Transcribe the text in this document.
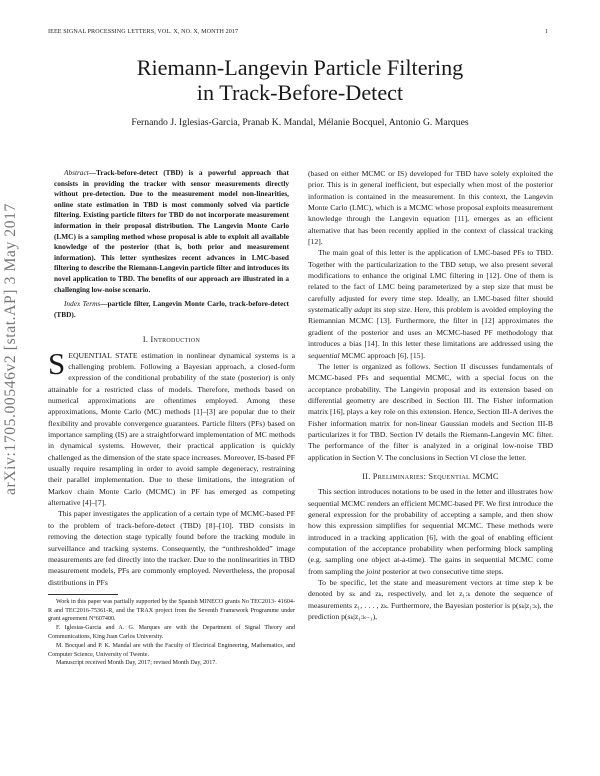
IEEE SIGNAL PROCESSING LETTERS, VOL. X, NO. X, MONTH 2017	1
Riemann-Langevin Particle Filtering
in Track-Before-Detect
Fernando J. Iglesias-Garcia, Pranab K. Mandal, Mélanie Bocquel, Antonio G. Marques
arXiv:1705.00546v2 [stat.AP] 3 May 2017

Abstract—Track-before-detect (TBD) is a powerful approach that consists in providing the tracker with sensor measurements directly without pre-detection. Due to the measurement model non-linearities, online state estimation in TBD is most commonly solved via particle filtering. Existing particle filters for TBD do not incorporate measurement information in their proposal distribution. The Langevin Monte Carlo (LMC) is a sampling method whose proposal is able to exploit all available knowledge of the posterior (that is, both prior and measurement information). This letter synthesizes recent advances in LMC-based filtering to describe the Riemann-Langevin particle filter and introduces its novel application to TBD. The benefits of our approach are illustrated in a challenging low-noise scenario.

Index Terms—particle filter, Langevin Monte Carlo, track-before-detect (TBD).

I. Introduction

SEQUENTIAL STATE estimation in nonlinear dynamical systems is a challenging problem. Following a Bayesian approach, a closed-form expression of the conditional probability of the state (posterior) is only attainable for a restricted class of models. Therefore, methods based on numerical approximations are oftentimes employed. Among these approximations, Monte Carlo (MC) methods [1]–[3] are popular due to their flexibility and provable convergence guarantees. Particle filters (PFs) based on importance sampling (IS) are a straightforward implementation of MC methods in dynamical systems. However, their practical application is quickly challenged as the dimension of the state space increases. Moreover, IS-based PF usually require resampling in order to avoid sample degeneracy, restraining their parallel implementation. Due to these limitations, the integration of Markov chain Monte Carlo (MCMC) in PF has emerged as competing alternative [4]–[7].

This paper investigates the application of a certain type of MCMC-based PF to the problem of track-before-detect (TBD) [8]–[10]. TBD consists in removing the detection stage typically found before the tracking module in surveillance and tracking systems. Consequently, the “unthresholded” image measurements are fed directly into the tracker. Due to the nonlinearities in TBD measurement models, PFs are commonly employed. Nevertheless, the proposal distributions in PFs

Work in this paper was partially supported by the Spanish MINECO grants No TEC2013- 41604-R and TEC2016-75361-R, and the TRAX project from the Seventh Framework Programme under grant agreement N°607400.

F. Iglesias-Garcia and A. G. Marques are with the Department of Signal Theory and Communications, King Juan Carlos University.

M. Bocquel and P. K. Mandal are with the Faculty of Electrical Engineering, Mathematics, and Computer Science, University of Twente.

Manuscript received Month Day, 2017; revised Month Day, 2017.

(based on either MCMC or IS) developed for TBD have solely exploited the prior. This is in general inefficient, but especially when most of the posterior information is contained in the measurement. In this context, the Langevin Monte Carlo (LMC), which is a MCMC whose proposal exploits measurement knowledge through the Langevin equation [11], emerges as an efficient alternative that has been recently applied in the context of classical tracking [12].

The main goal of this letter is the application of LMC-based PFs to TBD. Together with the particularization to the TBD setup, we also present several modifications to enhance the original LMC filtering in [12]. One of them is related to the fact of LMC being parameterized by a step size that must be carefully adjusted for every time step. Ideally, an LMC-based filter should systematically adapt its step size. Here, this problem is avoided employing the Riemannian MCMC [13]. Furthermore, the filter in [12] approximates the gradient of the posterior and uses an MCMC-based PF methodology that introduces a bias [14]. In this letter these limitations are addressed using the sequential MCMC approach [6], [15].

The letter is organized as follows. Section II discusses fundamentals of MCMC-based PFs and sequential MCMC, with a special focus on the acceptance probability. The Langevin proposal and its extension based on differential geometry are described in Section III. The Fisher information matrix [16], plays a key role on this extension. Hence, Section III-A derives the Fisher information matrix for non-linear Gaussian models and Section III-B particularizes it for TBD. Section IV details the Riemann-Langevin MC filter. The performance of the filter is analyzed in a original low-noise TBD application in Section V. The conclusions in Section VI close the letter.

II. Preliminaries: Sequential MCMC

This section introduces notations to be used in the letter and illustrates how sequential MCMC renders an efficient MCMC-based PF. We first introduce the general expression for the probability of accepting a sample, and then show how this expression simplifies for sequential MCMC. These methods were introduced in a tracking application [6], with the goal of enabling efficient computation of the acceptance probability when performing block sampling (e.g. sampling one object at-a-time). The gains in sequential MCMC come from sampling the joint posterior at two consecutive time steps.

To be specific, let the state and measurement vectors at time step k be denoted by sₖ and zₖ, respectively, and let z₁:ₖ denote the sequence of measurements z₁, . . . , zₖ. Furthermore, the Bayesian posterior is p(sₖ|z₁:ₖ), the prediction p(sₖ|z₁:ₖ₋₁),
